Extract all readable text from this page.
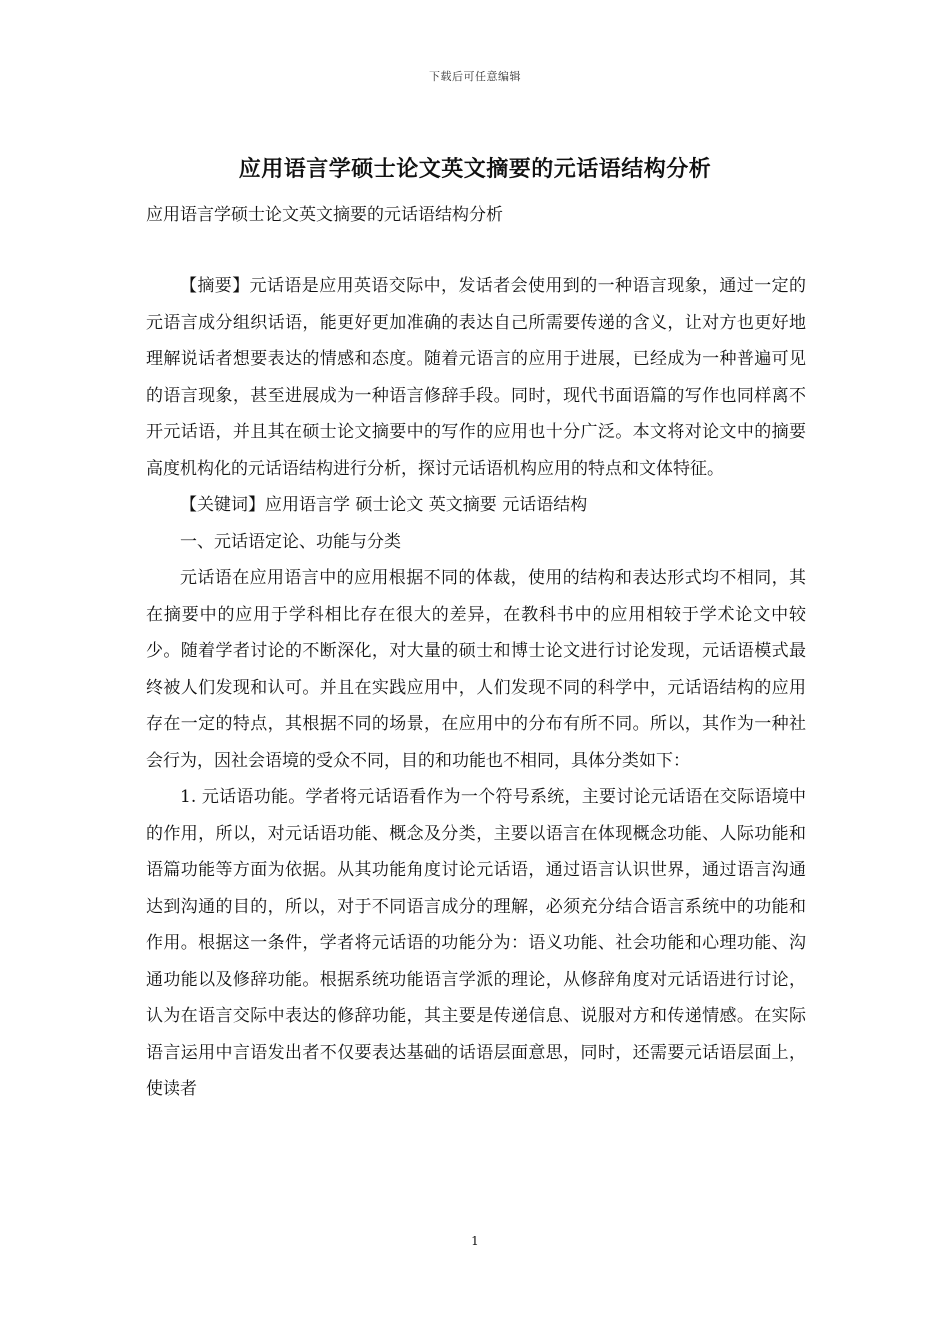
下载后可任意编辑
应用语言学硕士论文英文摘要的元话语结构分析
应用语言学硕士论文英文摘要的元话语结构分析

【摘要】元话语是应用英语交际中，发话者会使用到的一种语言现象，通过一定的元语言成分组织话语，能更好更加准确的表达自己所需要传递的含义，让对方也更好地理解说话者想要表达的情感和态度。随着元语言的应用于进展，已经成为一种普遍可见的语言现象，甚至进展成为一种语言修辞手段。同时，现代书面语篇的写作也同样离不开元话语，并且其在硕士论文摘要中的写作的应用也十分广泛。本文将对论文中的摘要高度机构化的元话语结构进行分析，探讨元话语机构应用的特点和文体特征。

【关键词】应用语言学 硕士论文 英文摘要 元话语结构

一、元话语定论、功能与分类

元话语在应用语言中的应用根据不同的体裁，使用的结构和表达形式均不相同，其在摘要中的应用于学科相比存在很大的差异，在教科书中的应用相较于学术论文中较少。随着学者讨论的不断深化，对大量的硕士和博士论文进行讨论发现，元话语模式最终被人们发现和认可。并且在实践应用中，人们发现不同的科学中，元话语结构的应用存在一定的特点，其根据不同的场景，在应用中的分布有所不同。所以，其作为一种社会行为，因社会语境的受众不同，目的和功能也不相同，具体分类如下：

1. 元话语功能。学者将元话语看作为一个符号系统，主要讨论元话语在交际语境中的作用，所以，对元话语功能、概念及分类，主要以语言在体现概念功能、人际功能和语篇功能等方面为依据。从其功能角度讨论元话语，通过语言认识世界，通过语言沟通达到沟通的目的，所以，对于不同语言成分的理解，必须充分结合语言系统中的功能和作用。根据这一条件，学者将元话语的功能分为：语义功能、社会功能和心理功能、沟通功能以及修辞功能。根据系统功能语言学派的理论，从修辞角度对元话语进行讨论，认为在语言交际中表达的修辞功能，其主要是传递信息、说服对方和传递情感。在实际语言运用中言语发出者不仅要表达基础的话语层面意思，同时，还需要元话语层面上，使读者

1
